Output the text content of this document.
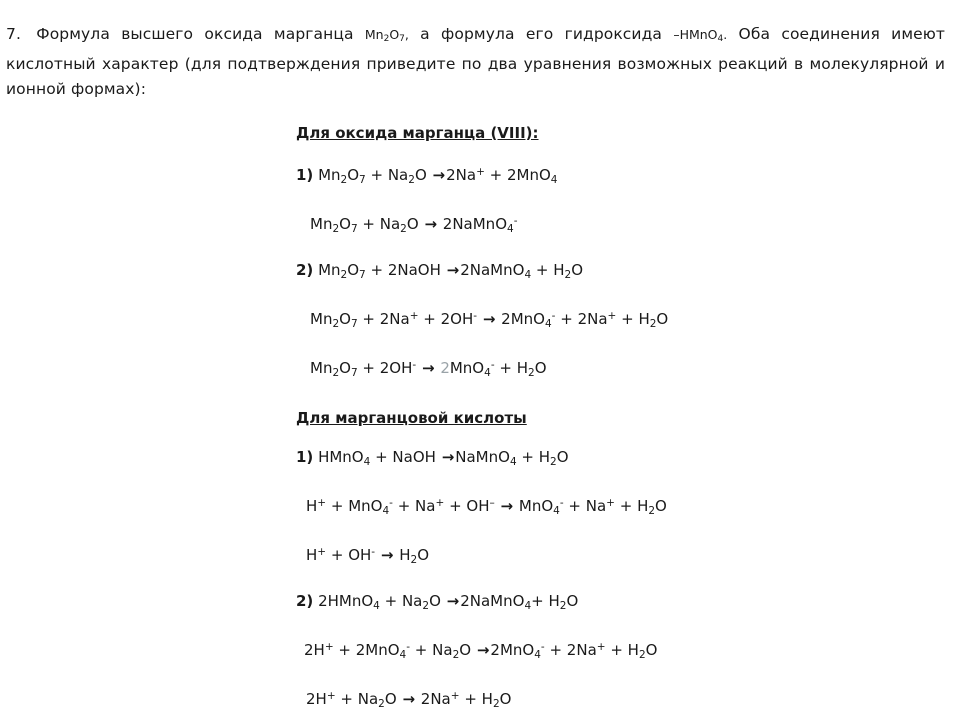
7. Формула высшего оксида марганца $Mn_2O_7$, а формула его гидроксида –HMnO$_4$. Оба соединения имеют кислотный характер (для подтверждения приведите по два уравнения возможных реакций в молекулярной и ионной формах):

Для оксида марганца (VIII):
1) $Mn_2O_7 + Na_2O \to 2Na^+ + 2MnO_4$
$Mn_2O_7 + Na_2O$ → 2NaMnO$_4$-
2) $Mn_2O_7$ + 2NaOH →2NaMnO$_4$ + $H_2O$
$Mn_2O_7 + 2Na^+ + 2OH^- \to 2MnO_4^- + 2Na^+ + H_2O$
$Mn_2O_7 + 2OH^- \to 2MnO_4^- + H_2O$
Для марганцовой кислоты
1) HMnO$_4$ + NaOH →NaMnO$_4$ + $H_2O$
$H^+ + MnO_4^- + Na^+ + OH^- \to MnO_4^- + Na^+ + H_2O$
$H^+ + OH^- \to H_2O$
2) 2HMnO$_4$ + $Na_2O$ →2NaMnO$_4$+ $H_2O$
$2H^+ + 2MnO_4^- + Na_2O \to 2MnO_4^- + 2Na^+ + H_2O$
$2H^+ + Na_2O \to 2Na^+ + H_2O$
